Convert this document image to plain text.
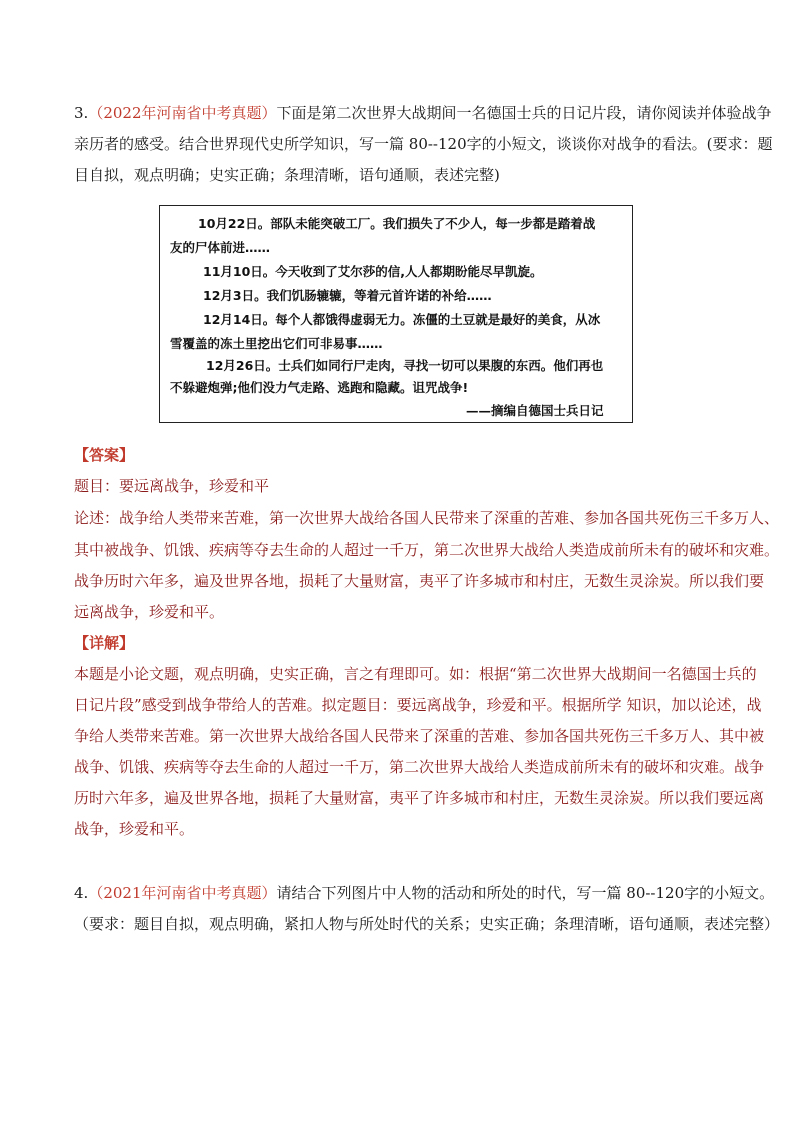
3.（2022年河南省中考真题）下面是第二次世界大战期间一名德国士兵的日记片段，请你阅读并体验战争
亲历者的感受。结合世界现代史所学知识，写一篇 80--120字的小短文，谈谈你对战争的看法。(要求：题
目自拟，观点明确；史实正确；条理清晰，语句通顺，表述完整)
10月22日。部队未能突破工厂。我们损失了不少人，每一步都是踏着战
友的尸体前进……
11月10日。今天收到了艾尔莎的信,人人都期盼能尽早凯旋。
12月3日。我们饥肠辘辘，等着元首许诺的补给……
12月14日。每个人都饿得虚弱无力。冻僵的土豆就是最好的美食，从冰
雪覆盖的冻土里挖出它们可非易事……
12月26日。士兵们如同行尸走肉，寻找一切可以果腹的东西。他们再也
不躲避炮弹;他们没力气走路、逃跑和隐藏。诅咒战争!
——摘编自德国士兵日记
【答案】
题目：要远离战争，珍爱和平
论述：战争给人类带来苦难，第一次世界大战给各国人民带来了深重的苦难、参加各国共死伤三千多万人、
其中被战争、饥饿、疾病等夺去生命的人超过一千万，第二次世界大战给人类造成前所未有的破坏和灾难。
战争历时六年多，遍及世界各地，损耗了大量财富，夷平了许多城市和村庄，无数生灵涂炭。所以我们要
远离战争，珍爱和平。
【详解】
本题是小论文题，观点明确，史实正确，言之有理即可。如：根据“第二次世界大战期间一名德国士兵的
日记片段”感受到战争带给人的苦难。拟定题目：要远离战争，珍爱和平。根据所学 知识，加以论述，战
争给人类带来苦难。第一次世界大战给各国人民带来了深重的苦难、参加各国共死伤三千多万人、其中被
战争、饥饿、疾病等夺去生命的人超过一千万，第二次世界大战给人类造成前所未有的破坏和灾难。战争
历时六年多，遍及世界各地，损耗了大量财富，夷平了许多城市和村庄，无数生灵涂炭。所以我们要远离
战争，珍爱和平。
4.（2021年河南省中考真题）请结合下列图片中人物的活动和所处的时代，写一篇 80--120字的小短文。
（要求：题目自拟，观点明确，紧扣人物与所处时代的关系；史实正确；条理清晰，语句通顺，表述完整）
